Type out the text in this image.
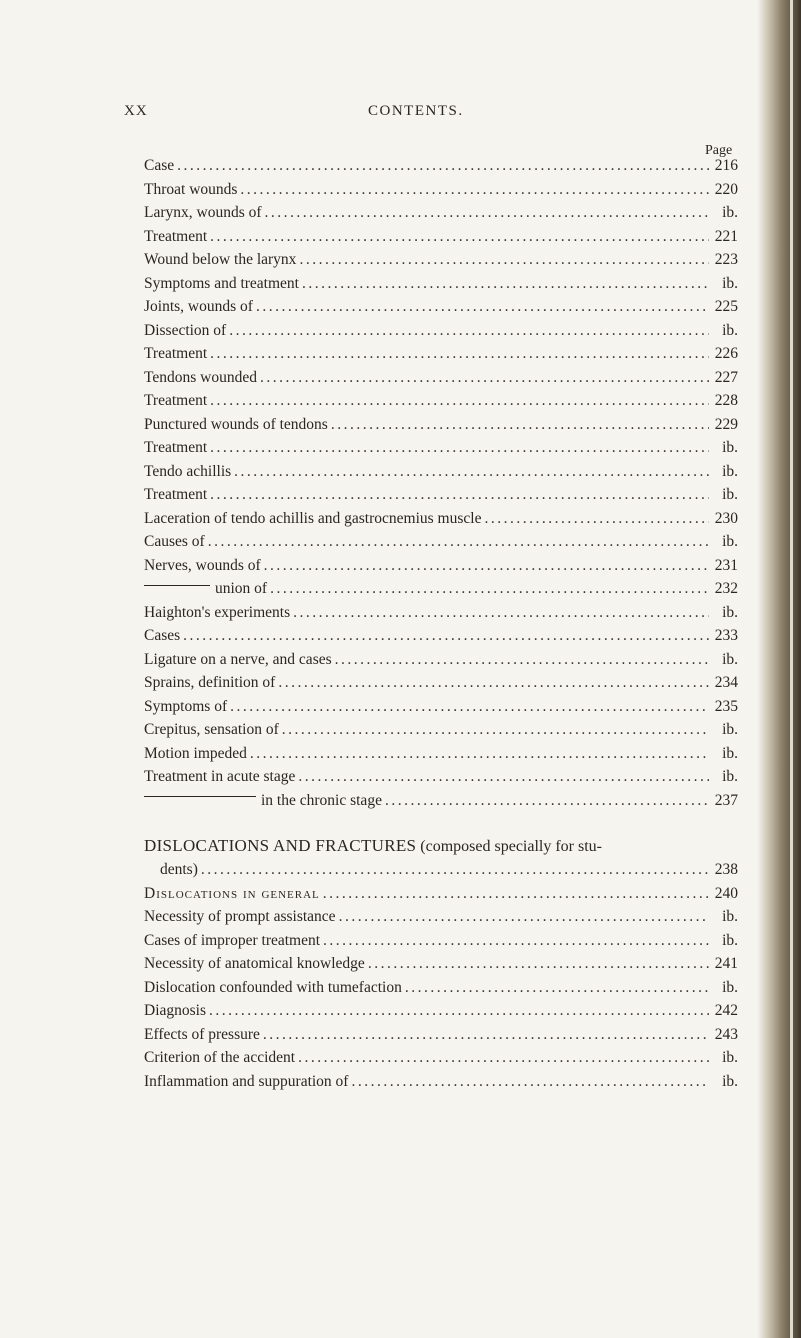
XX	CONTENTS.
Page
Case .....	216
Throat wounds .....	220
Larynx, wounds of .....	ib.
Treatment .....	221
Wound below the larynx .....	223
Symptoms and treatment .....	ib.
Joints, wounds of .....	225
Dissection of .....	ib.
Treatment .....	226
Tendons wounded .....	227
Treatment .....	228
Punctured wounds of tendons .....	229
Treatment .....	ib.
Tendo achillis .....	ib.
Treatment .....	ib.
Laceration of tendo achillis and gastrocnemius muscle .....	230
Causes of .....	ib.
Nerves, wounds of .....	231
union of .....	232
Haighton's experiments .....	ib.
Cases .....	233
Ligature on a nerve, and cases .....	ib.
Sprains, definition of .....	234
Symptoms of .....	235
Crepitus, sensation of .....	ib.
Motion impeded .....	ib.
Treatment in acute stage .....	ib.
in the chronic stage .....	237
DISLOCATIONS AND FRACTURES (composed specially for stu-
dents) .....	238
Dislocations in general .....	240
Necessity of prompt assistance .....	ib.
Cases of improper treatment .....	ib.
Necessity of anatomical knowledge .....	241
Dislocation confounded with tumefaction .....	ib.
Diagnosis .....	242
Effects of pressure .....	243
Criterion of the accident .....	ib.
Inflammation and suppuration of .....	ib.
